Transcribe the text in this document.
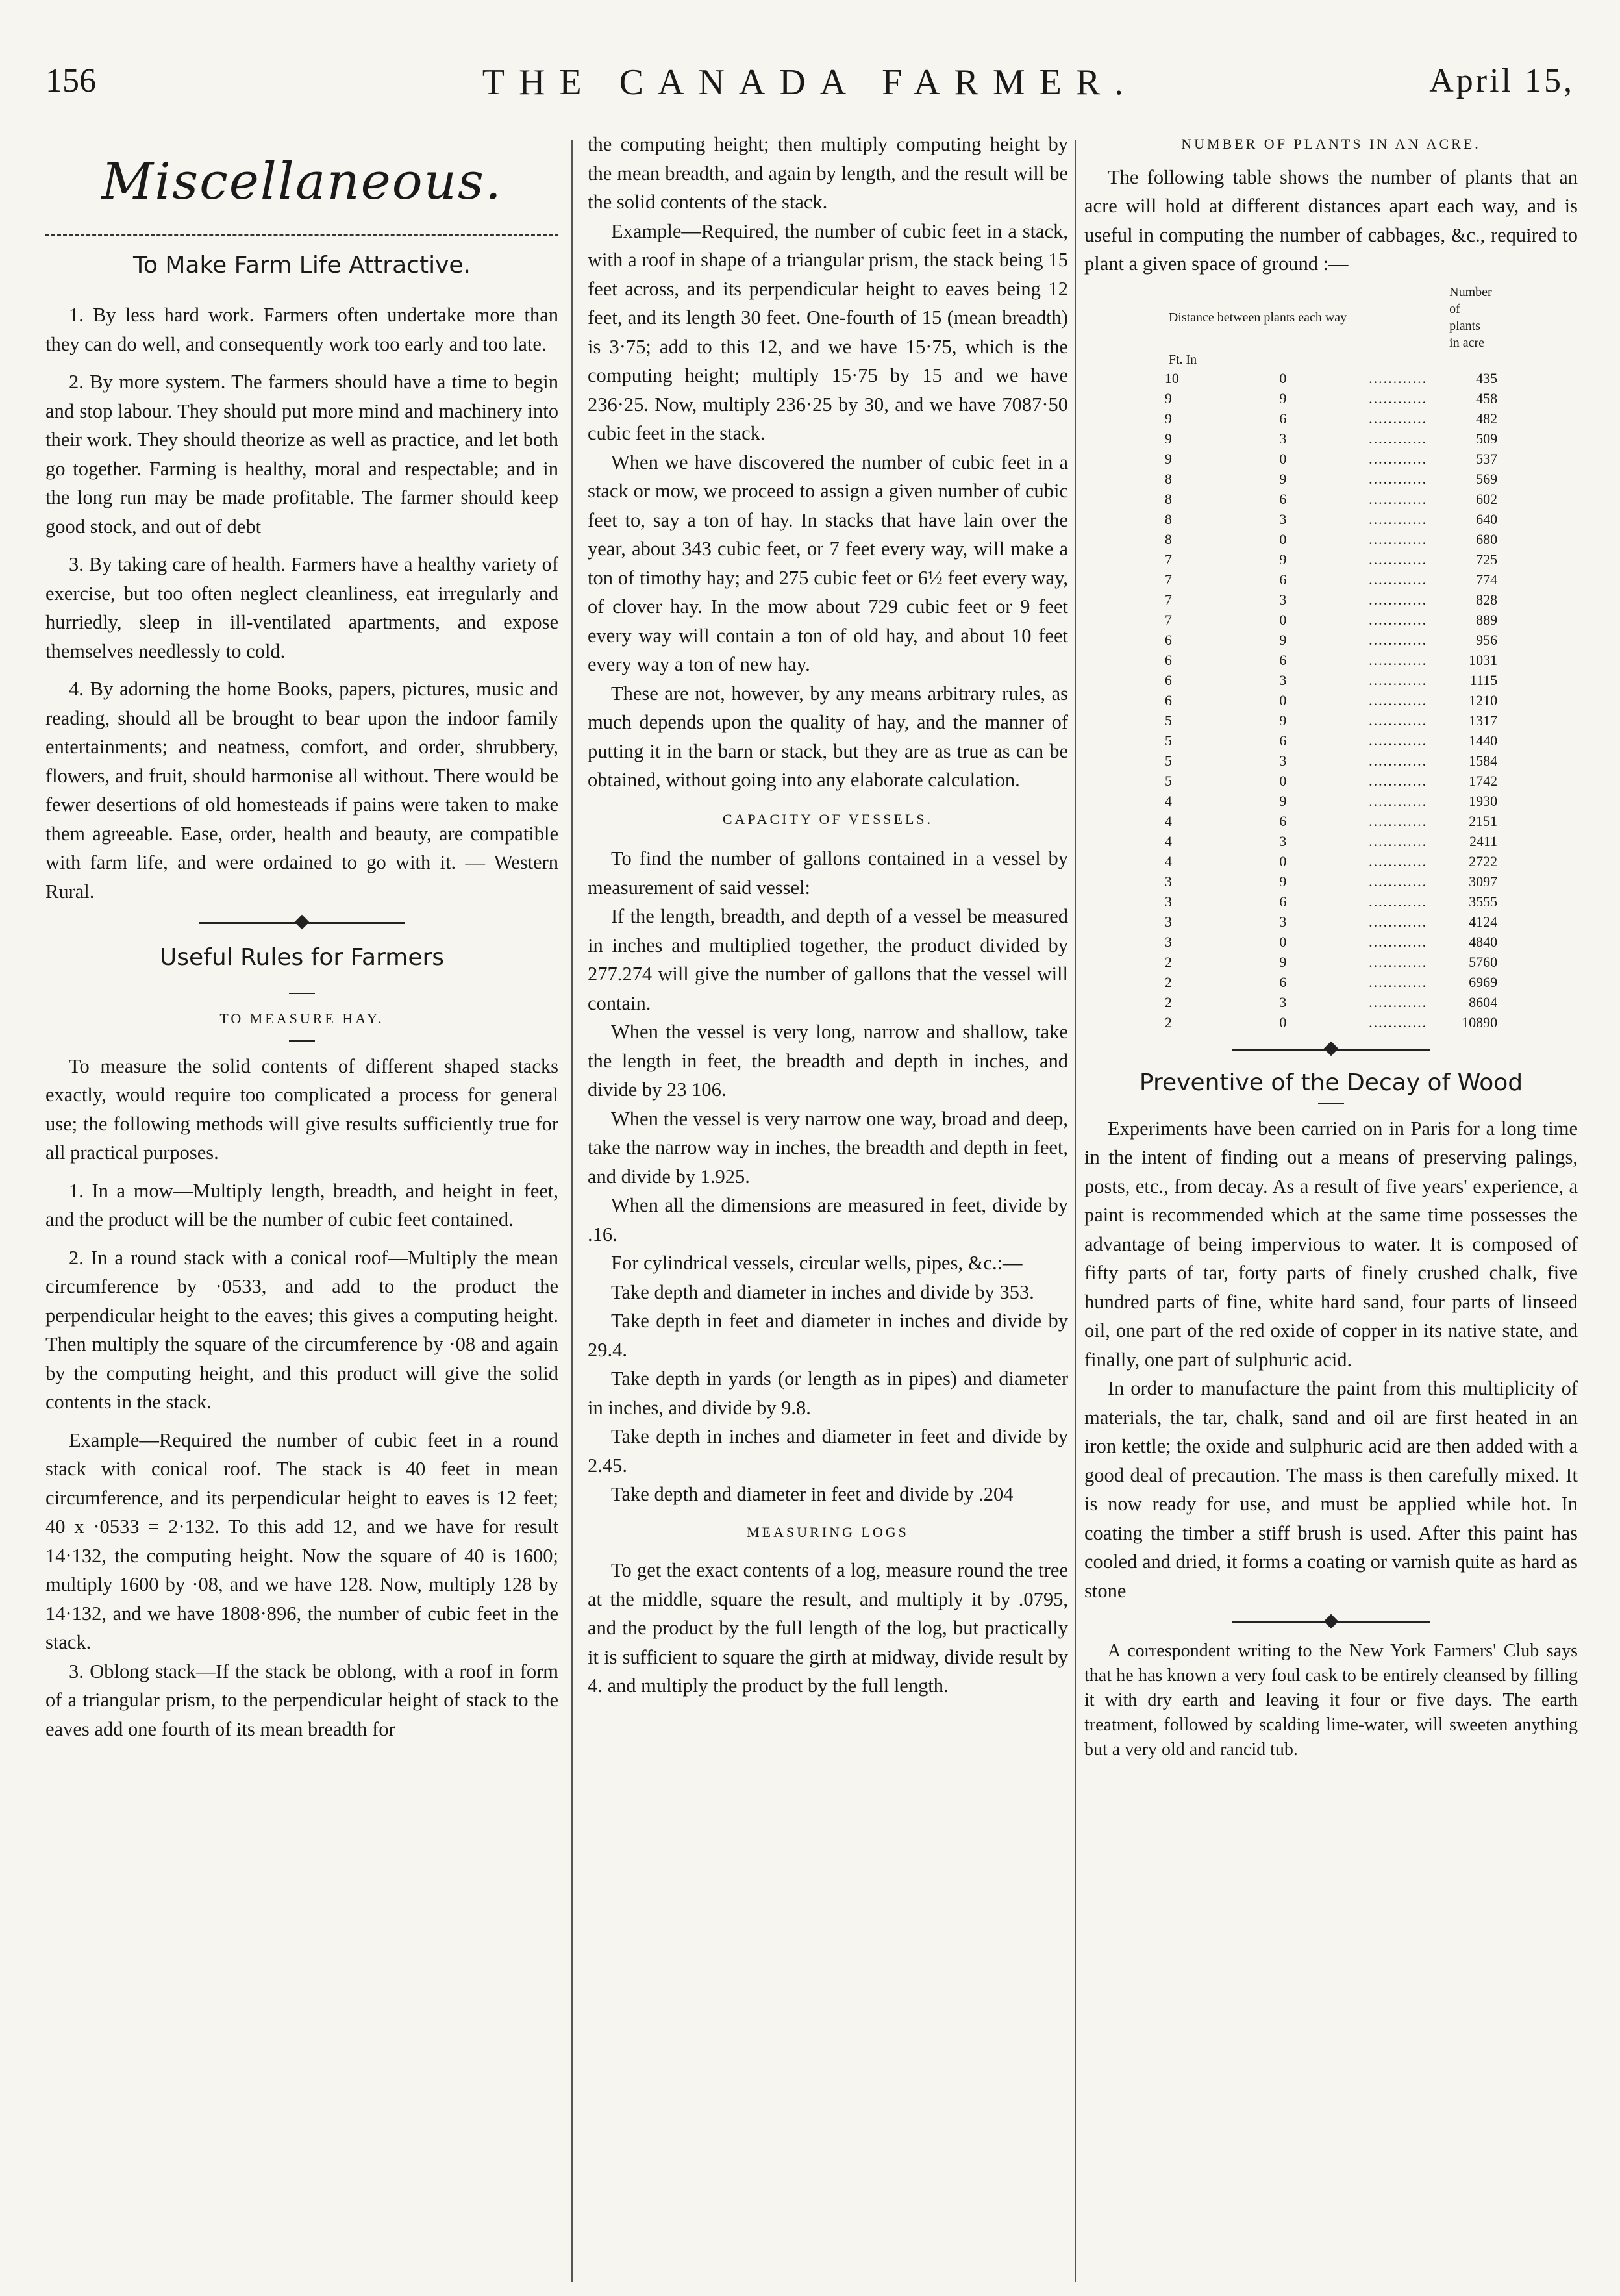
156	THE CANADA FARMER.	April 15,
Miscellaneous.
To Make Farm Life Attractive.

1. By less hard work. Farmers often undertake more than they can do well, and consequently work too early and too late.

2. By more system. The farmers should have a time to begin and stop labour. They should put more mind and machinery into their work. They should theorize as well as practice, and let both go together. Farming is healthy, moral and respectable; and in the long run may be made profitable. The farmer should keep good stock, and out of debt

3. By taking care of health. Farmers have a healthy variety of exercise, but too often neglect cleanliness, eat irregularly and hurriedly, sleep in ill-ventilated apartments, and expose themselves needlessly to cold.

4. By adorning the home Books, papers, pictures, music and reading, should all be brought to bear upon the indoor family entertainments; and neatness, comfort, and order, shrubbery, flowers, and fruit, should harmonise all without. There would be fewer desertions of old homesteads if pains were taken to make them agreeable. Ease, order, health and beauty, are compatible with farm life, and were ordained to go with it. — Western Rural.

Useful Rules for Farmers
TO MEASURE HAY.

To measure the solid contents of different shaped stacks exactly, would require too complicated a process for general use; the following methods will give results sufficiently true for all practical purposes.

1. In a mow—Multiply length, breadth, and height in feet, and the product will be the number of cubic feet contained.

2. In a round stack with a conical roof—Multiply the mean circumference by ·0533, and add to the product the perpendicular height to the eaves; this gives a computing height. Then multiply the square of the circumference by ·08 and again by the computing height, and this product will give the solid contents in the stack.

Example—Required the number of cubic feet in a round stack with conical roof. The stack is 40 feet in mean circumference, and its perpendicular height to eaves is 12 feet; 40 x ·0533 = 2·132. To this add 12, and we have for result 14·132, the computing height. Now the square of 40 is 1600; multiply 1600 by ·08, and we have 128. Now, multiply 128 by 14·132, and we have 1808·896, the number of cubic feet in the stack.

3. Oblong stack—If the stack be oblong, with a roof in form of a triangular prism, to the perpendicular height of stack to the eaves add one fourth of its mean breadth for

the computing height; then multiply computing height by the mean breadth, and again by length, and the result will be the solid contents of the stack.

Example—Required, the number of cubic feet in a stack, with a roof in shape of a triangular prism, the stack being 15 feet across, and its perpendicular height to eaves being 12 feet, and its length 30 feet. One-fourth of 15 (mean breadth) is 3·75; add to this 12, and we have 15·75, which is the computing height; multiply 15·75 by 15 and we have 236·25. Now, multiply 236·25 by 30, and we have 7087·50 cubic feet in the stack.

When we have discovered the number of cubic feet in a stack or mow, we proceed to assign a given number of cubic feet to, say a ton of hay. In stacks that have lain over the year, about 343 cubic feet, or 7 feet every way, will make a ton of timothy hay; and 275 cubic feet or 6½ feet every way, of clover hay. In the mow about 729 cubic feet or 9 feet every way will contain a ton of old hay, and about 10 feet every way a ton of new hay.

These are not, however, by any means arbitrary rules, as much depends upon the quality of hay, and the manner of putting it in the barn or stack, but they are as true as can be obtained, without going into any elaborate calculation.

CAPACITY OF VESSELS.

To find the number of gallons contained in a vessel by measurement of said vessel:

If the length, breadth, and depth of a vessel be measured in inches and multiplied together, the product divided by 277.274 will give the number of gallons that the vessel will contain.

When the vessel is very long, narrow and shallow, take the length in feet, the breadth and depth in inches, and divide by 23 106.

When the vessel is very narrow one way, broad and deep, take the narrow way in inches, the breadth and depth in feet, and divide by 1.925.

When all the dimensions are measured in feet, divide by .16.

For cylindrical vessels, circular wells, pipes, &c.:—

Take depth and diameter in inches and divide by 353.

Take depth in feet and diameter in inches and divide by 29.4.

Take depth in yards (or length as in pipes) and diameter in inches, and divide by 9.8.

Take depth in inches and diameter in feet and divide by 2.45.

Take depth and diameter in feet and divide by .204

MEASURING LOGS

To get the exact contents of a log, measure round the tree at the middle, square the result, and multiply it by .0795, and the product by the full length of the log, but practically it is sufficient to square the girth at midway, divide result by 4. and multiply the product by the full length.

NUMBER OF PLANTS IN AN ACRE.

The following table shows the number of plants that an acre will hold at different distances apart each way, and is useful in computing the number of cabbages, &c., required to plant a given space of ground :—

Distance between plants each way			Number of plants in acre
Ft. In			
10	0	............	435
9	9	............	458
9	6	............	482
9	3	............	509
9	0	............	537
8	9	............	569
8	6	............	602
8	3	............	640
8	0	............	680
7	9	............	725
7	6	............	774
7	3	............	828
7	0	............	889
6	9	............	956
6	6	............	1031
6	3	............	1115
6	0	............	1210
5	9	............	1317
5	6	............	1440
5	3	............	1584
5	0	............	1742
4	9	............	1930
4	6	............	2151
4	3	............	2411
4	0	............	2722
3	9	............	3097
3	6	............	3555
3	3	............	4124
3	0	............	4840
2	9	............	5760
2	6	............	6969
2	3	............	8604
2	0	............	10890
Preventive of the Decay of Wood

Experiments have been carried on in Paris for a long time in the intent of finding out a means of preserving palings, posts, etc., from decay. As a result of five years' experience, a paint is recommended which at the same time possesses the advantage of being impervious to water. It is composed of fifty parts of tar, forty parts of finely crushed chalk, five hundred parts of fine, white hard sand, four parts of linseed oil, one part of the red oxide of copper in its native state, and finally, one part of sulphuric acid.

In order to manufacture the paint from this multiplicity of materials, the tar, chalk, sand and oil are first heated in an iron kettle; the oxide and sulphuric acid are then added with a good deal of precaution. The mass is then carefully mixed. It is now ready for use, and must be applied while hot. In coating the timber a stiff brush is used. After this paint has cooled and dried, it forms a coating or varnish quite as hard as stone

A correspondent writing to the New York Farmers' Club says that he has known a very foul cask to be entirely cleansed by filling it with dry earth and leaving it four or five days. The earth treatment, followed by scalding lime-water, will sweeten anything but a very old and rancid tub.
